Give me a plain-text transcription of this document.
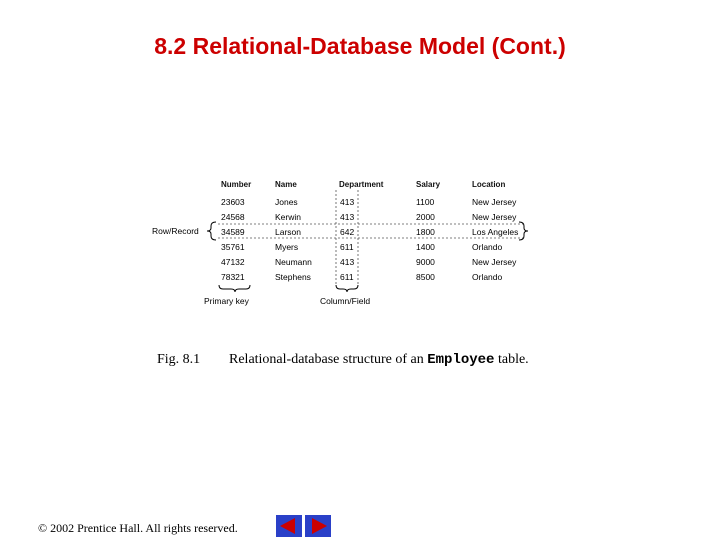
8.2 Relational-Database Model (Cont.)
Number	Name	Department	Salary	Location
23603	Jones	413	1100	New Jersey
24568	Kerwin	413	2000	New Jersey
34589	Larson	642	1800	Los Angeles
35761	Myers	611	1400	Orlando
47132	Neumann	413	9000	New Jersey
78321	Stephens	611	8500	Orlando
Row/Record
Primary key	Column/Field
Fig. 8.1 Relational-database structure of an Employee table.
© 2002 Prentice Hall. All rights reserved.
